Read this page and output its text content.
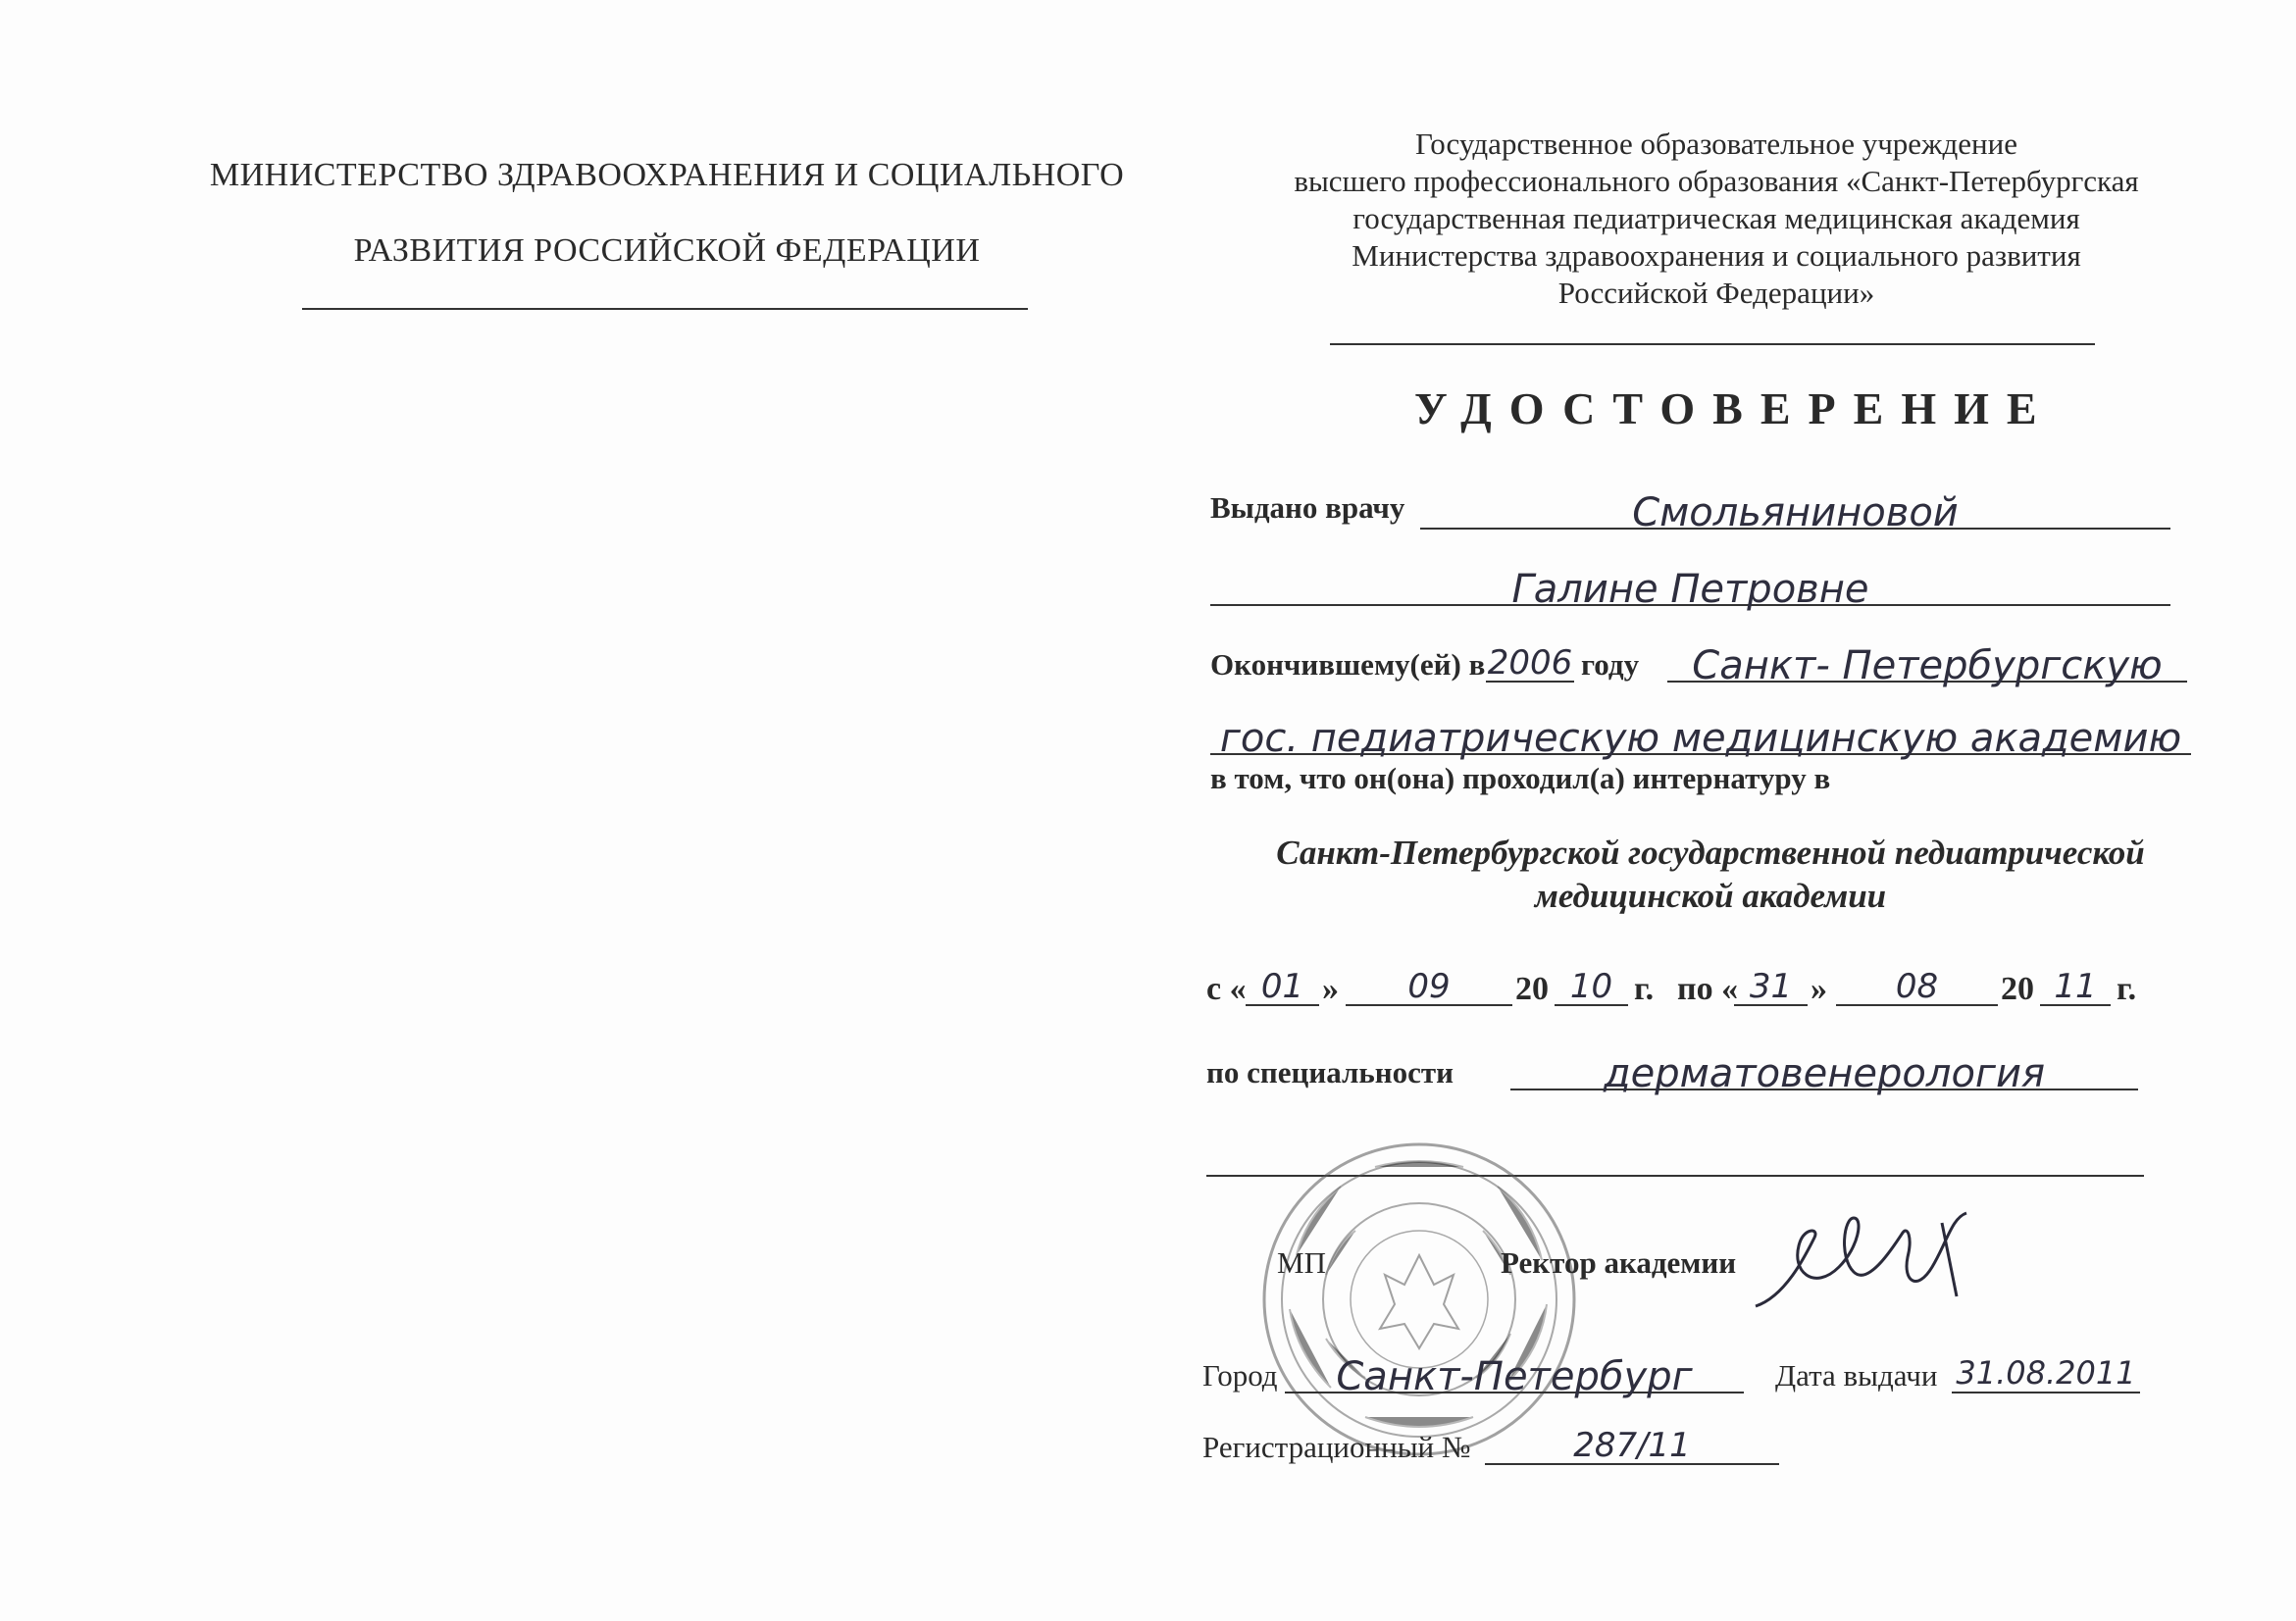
МИНИСТЕРСТВО ЗДРАВООХРАНЕНИЯ И СОЦИАЛЬНОГО
РАЗВИТИЯ РОССИЙСКОЙ ФЕДЕРАЦИИ
Государственное образовательное учреждение
высшего профессионального образования «Санкт-Петербургская
государственная педиатрическая медицинская академия
Министерства здравоохранения и социального развития
Российской Федерации»
УДОСТОВЕРЕНИЕ
Выдано врачу	Смольяниновой
Галине Петровне
Окончившему(ей) в 2006 году	Санкт- Петербургскую
гос. педиатрическую медицинскую академию
в том, что он(она) проходил(а) интернатуру в
Санкт-Петербургской государственной педиатрической
медицинской академии
с « 01 »	09	20 10 г. по « 31 »	08	20 11 г.
по специальности	дерматовенерология
МП	Ректор академии
Город	Санкт-Петербург	Дата выдачи 31.08.2011
Регистрационный №	287/11
